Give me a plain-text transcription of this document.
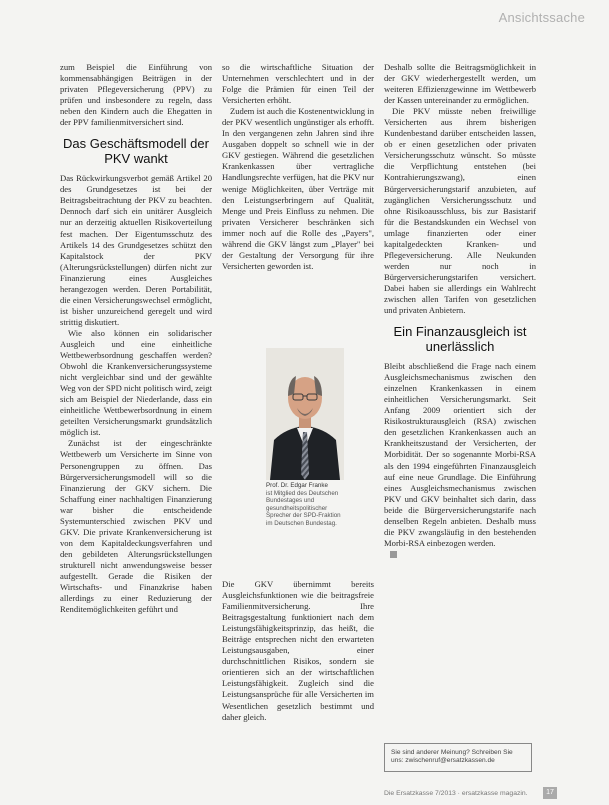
Ansichtssache

zum Beispiel die Einführung von kommensabhängigen Beiträgen in der privaten Pflegeversicherung (PPV) zu prüfen und insbesondere zu regeln, dass neben den Kindern auch die Ehegatten in der PPV familienmitversichert sind.

Das Geschäftsmodell der PKV wankt

Das Rückwirkungsverbot gemäß Artikel 20 des Grundgesetzes ist bei der Beitragsbeitrachtung der PKV zu beachten. Dennoch darf sich ein unitärer Ausgleich nur an derzeitig aktuellen Risikoverteilung fest machen. Der Eigentumsschutz des Artikels 14 des Grundgesetzes schützt den Kapitalstock der PKV (Alterungsrückstellungen) dürfen nicht zur Finanzierung eines Ausgleiches herangezogen werden. Deren Portabilität, die einen Versicherungswechsel ermöglicht, ist bisher unzureichend geregelt und wird strittig diskutiert.

Wie also können ein solidarischer Ausgleich und eine einheitliche Wettbewerbsordnung geschaffen werden? Obwohl die Krankenversicherungssysteme nicht vergleichbar sind und der gewählte Weg von der SPD nicht politisch wird, zeigt sich am Beispiel der Niederlande, dass ein einheitliche Wettbewerbsordnung in einem geteilten Versicherungsmarkt grundsätzlich möglich ist.

Zunächst ist der eingeschränkte Wettbewerb um Versicherte im Sinne von Personengruppen zu öffnen. Das Bürgerversicherungsmodell will so die Finanzierung der GKV sichern. Die Schaffung einer nachhaltigen Finanzierung war bisher die entscheidende Systemunterschied zwischen PKV und GKV. Die private Krankenversicherung ist von dem Kapitaldeckungsverfahren und den gebildeten Alterungsrückstellungen strukturell nicht anwendungsweise besser aufgestellt. Gerade die Risiken der Wirtschafts- und Finanzkrise haben allerdings zu einer Reduzierung der Renditemöglichkeiten geführt und

so die wirtschaftliche Situation der Unternehmen verschlechtert und in der Folge die Prämien für einen Teil der Versicherten erhöht.

Zudem ist auch die Kostenentwicklung in der PKV wesentlich ungünstiger als erhofft. In den vergangenen zehn Jahren sind ihre Ausgaben doppelt so schnell wie in der GKV gestiegen. Während die gesetzlichen Krankenkassen über vertragliche Handlungsrechte verfügen, hat die PKV nur wenige Möglichkeiten, über Verträge mit den Leistungserbringern auf Qualität, Menge und Preis Einfluss zu nehmen. Die privaten Versicherer beschränken sich immer noch auf die Rolle des „Payers", während die GKV längst zum „Player" bei der Gestaltung der Versorgung für ihre Versicherten geworden ist.

Prof. Dr. Edgar Franke
ist Mitglied des Deutschen Bundestages und gesundheitspolitischer Sprecher der SPD-Fraktion im Deutschen Bundestag.

Die GKV übernimmt bereits Ausgleichsfunktionen wie die beitragsfreie Familienmitversicherung. Ihre Beitragsgestaltung funktioniert nach dem Leistungsfähigkeitsprinzip, das heißt, die Beiträge entsprechen nicht den erwarteten Leistungsausgaben, einer durchschnittlichen Risikos, sondern sie orientieren sich an der wirtschaftlichen Leistungsfähigkeit. Zugleich sind die Leistungsansprüche für alle Versicherten im Wesentlichen gesetzlich bestimmt und daher gleich.

Deshalb sollte die Beitragsmöglichkeit in der GKV wiederhergestellt werden, um weiteren Effizienzgewinne im Wettbewerb der Kassen untereinander zu ermöglichen.

Die PKV müsste neben freiwillige Versicherten aus ihrem bisherigen Kundenbestand darüber entscheiden lassen, ob er einen gesetzlichen oder privaten Versicherungsschutz wünscht. So müsste die Verpflichtung entstehen (bei Kontrahierungszwang), einen Bürgerversicherungstarif anzubieten, auf zugänglichen Versicherungsschutz und ohne Risikoausschluss, bis zur Basistarif für die Bestandskunden ein Wechsel von umlage finanzierten oder einer kapitalgedeckten Kranken- und Pflegeversicherung. Alle Neukunden werden nur noch in Bürgerversicherungstarifen versichert. Dabei haben sie allerdings ein Wahlrecht zwischen allen Tarifen von gesetzlichen und privaten Anbietern.

Ein Finanzausgleich ist unerlässlich

Bleibt abschließend die Frage nach einem Ausgleichsmechanismus zwischen den einzelnen Krankenkassen in einem einheitlichen Versicherungsmarkt. Seit Anfang 2009 orientiert sich der Risikostrukturausgleich (RSA) zwischen den gesetzlichen Krankenkassen auch an Krankheitszustand der Versicherten, der Morbidität. Der so sogenannte Morbi-RSA als den 1994 eingeführten Finanzausgleich auf eine neue Grundlage. Die Einführung eines Ausgleichsmechanismus zwischen PKV und GKV beinhaltet sich darin, dass beide die Bürgerversicherungstarife nach denselben Regeln anbieten. Deshalb muss die PKV zwangsläufig in den bestehenden Morbi-RSA einbezogen werden.

Sie sind anderer Meinung? Schreiben Sie uns: zwischenruf@ersatzkassen.de
Die Ersatzkasse 7/2013 · ersatzkasse magazin.	17
